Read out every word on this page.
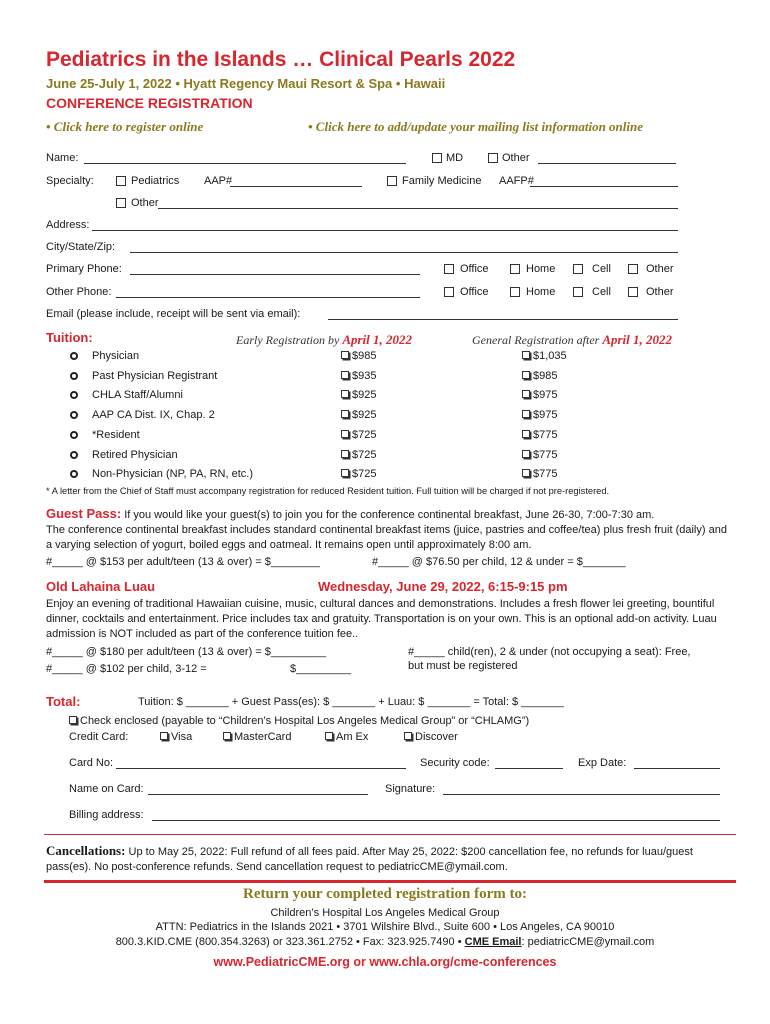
Pediatrics in the Islands … Clinical Pearls 2022
June 25-July 1, 2022 • Hyatt Regency Maui Resort & Spa • Hawaii
CONFERENCE REGISTRATION
• Click here to register online	• Click here to add/update your mailing list information online
Name:	MD	Other
Specialty:	Pediatrics AAP#	Family Medicine AAFP#
Other
Address:
City/State/Zip:
Primary Phone:	Office	Home	Cell	Other
Other Phone:	Office	Home	Cell	Other
Email (please include, receipt will be sent via email):
Tuition:	Early Registration by April 1, 2022	General Registration after April 1, 2022
Physician	$985	$1,035
Past Physician Registrant	$935	$985
CHLA Staff/Alumni	$925	$975
AAP CA Dist. IX, Chap. 2	$925	$975
*Resident	$725	$775
Retired Physician	$725	$775
Non-Physician (NP, PA, RN, etc.)	$725	$775
* A letter from the Chief of Staff must accompany registration for reduced Resident tuition. Full tuition will be charged if not pre-registered.
Guest Pass: If you would like your guest(s) to join you for the conference continental breakfast, June 26-30, 7:00-7:30 am.
The conference continental breakfast includes standard continental breakfast items (juice, pastries and coffee/tea) plus fresh fruit (daily) and a varying selection of yogurt, boiled eggs and oatmeal. It remains open until approximately 8:00 am.
#_____ @ $153 per adult/teen (13 & over) = $________	#_____ @ $76.50 per child, 12 & under = $_______
Old Lahaina Luau	Wednesday, June 29, 2022, 6:15-9:15 pm
Enjoy an evening of traditional Hawaiian cuisine, music, cultural dances and demonstrations. Includes a fresh flower lei greeting, bountiful dinner, cocktails and entertainment. Price includes tax and gratuity. Transportation is on your own. This is an optional add-on activity. Luau admission is NOT included as part of the conference tuition fee..
#_____ @ $180 per adult/teen (13 & over) = $_________
#_____ @ $102 per child, 3-12 =	$_________
#_____ child(ren), 2 & under (not occupying a seat): Free,
but must be registered
Total:	Tuition: $ _______ + Guest Pass(es): $ _______ + Luau: $ _______ = Total: $ _______
Check enclosed (payable to “Children’s Hospital Los Angeles Medical Group” or “CHLAMG”)
Credit Card:	Visa	MasterCard	Am Ex	Discover
Card No:	Security code:	Exp Date:
Name on Card:	Signature:
Billing address:
Cancellations: Up to May 25, 2022: Full refund of all fees paid. After May 25, 2022: $200 cancellation fee, no refunds for luau/guest pass(es). No post-conference refunds. Send cancellation request to pediatricCME@ymail.com.
Return your completed registration form to:
Children’s Hospital Los Angeles Medical Group
ATTN: Pediatrics in the Islands 2021 • 3701 Wilshire Blvd., Suite 600 • Los Angeles, CA 90010
800.3.KID.CME (800.354.3263) or 323.361.2752 • Fax: 323.925.7490 • CME Email: pediatricCME@ymail.com
www.PediatricCME.org or www.chla.org/cme-conferences
